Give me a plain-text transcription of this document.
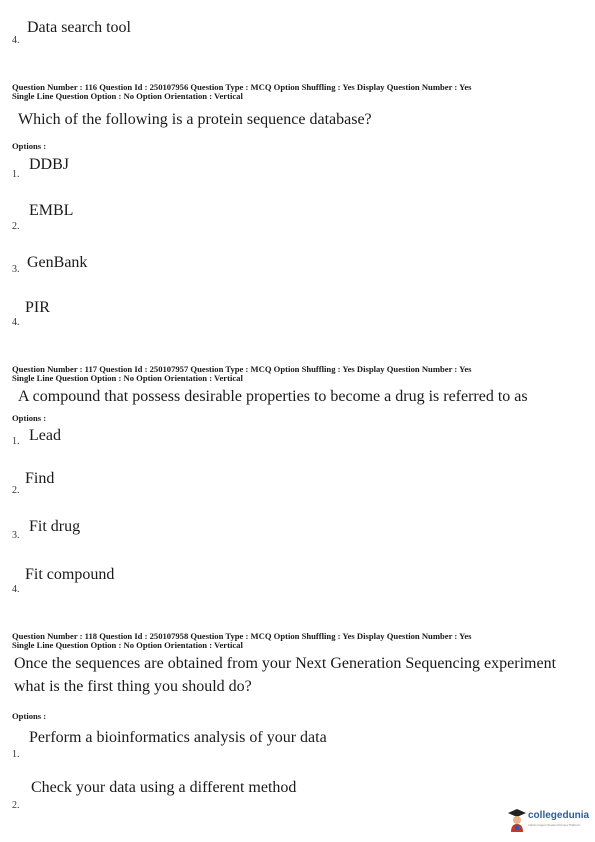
Data search tool
4.
Question Number : 116 Question Id : 250107956 Question Type : MCQ Option Shuffling : Yes Display Question Number : Yes
Single Line Question Option : No Option Orientation : Vertical
Which of the following is a protein sequence database?
Options :
DDBJ
1.
EMBL
2.
GenBank
3.
PIR
4.
Question Number : 117 Question Id : 250107957 Question Type : MCQ Option Shuffling : Yes Display Question Number : Yes
Single Line Question Option : No Option Orientation : Vertical
A compound that possess desirable properties to become a drug is referred to as
Options :
Lead
1.
Find
2.
Fit drug
3.
Fit compound
4.
Question Number : 118 Question Id : 250107958 Question Type : MCQ Option Shuffling : Yes Display Question Number : Yes
Single Line Question Option : No Option Orientation : Vertical
Once the sequences are obtained from your Next Generation Sequencing experiment
what is the first thing you should do?
Options :
Perform a bioinformatics analysis of your data
1.
Check your data using a different method
2.
collegedunia
India's largest Student Review Platform
